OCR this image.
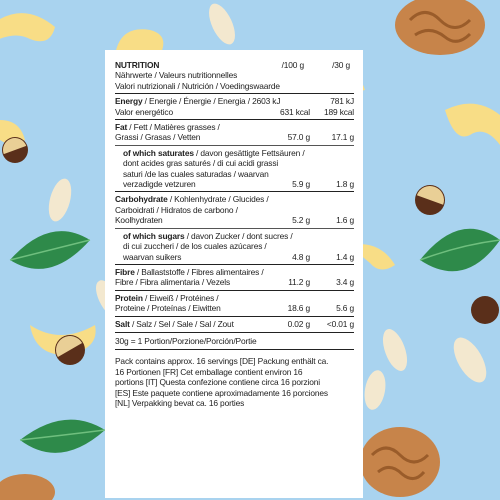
NUTRITION	/100 g	/30 g
Nährwerte / Valeurs nutritionnelles
Valori nutrizionali / Nutrición / Voedingswaarde
Energy / Energie / Énergie / Energia / 2603 kJ	781 kJ
Valor energético	631 kcal 189 kcal
Fat / Fett / Matières grasses /
Grassi / Grasas / Vetten	57.0 g	17.1 g
of which saturates / davon gesättigte Fettsäuren /
dont acides gras saturés / di cui acidi grassi
saturi /de las cuales saturadas / waarvan
verzadigde vetzuren	5.9 g	1.8 g
Carbohydrate / Kohlenhydrate / Glucides /
Carboidrati / Hidratos de carbono /
Koolhydraten	5.2 g	1.6 g
of which sugars / davon Zucker / dont sucres /
di cui zuccheri / de los cuales azúcares /
waarvan suikers	4.8 g	1.4 g
Fibre / Ballaststoffe / Fibres alimentaires /
Fibre / Fibra alimentaria / Vezels	11.2 g	3.4 g
Protein / Eiweiß / Protéines /
Proteine / Proteínas / Eiwitten	18.6 g	5.6 g
Salt / Salz / Sel / Sale / Sal / Zout	0.02 g <0.01 g
30g = 1 Portion/Porzione/Porción/Portie
Pack contains approx. 16 servings [DE] Packung enthält ca.
16 Portionen [FR] Cet emballage contient environ 16
portions [IT] Questa confezione contiene circa 16 porzioni
[ES] Este paquete contiene aproximadamente 16 porciones
[NL] Verpakking bevat ca. 16 porties
